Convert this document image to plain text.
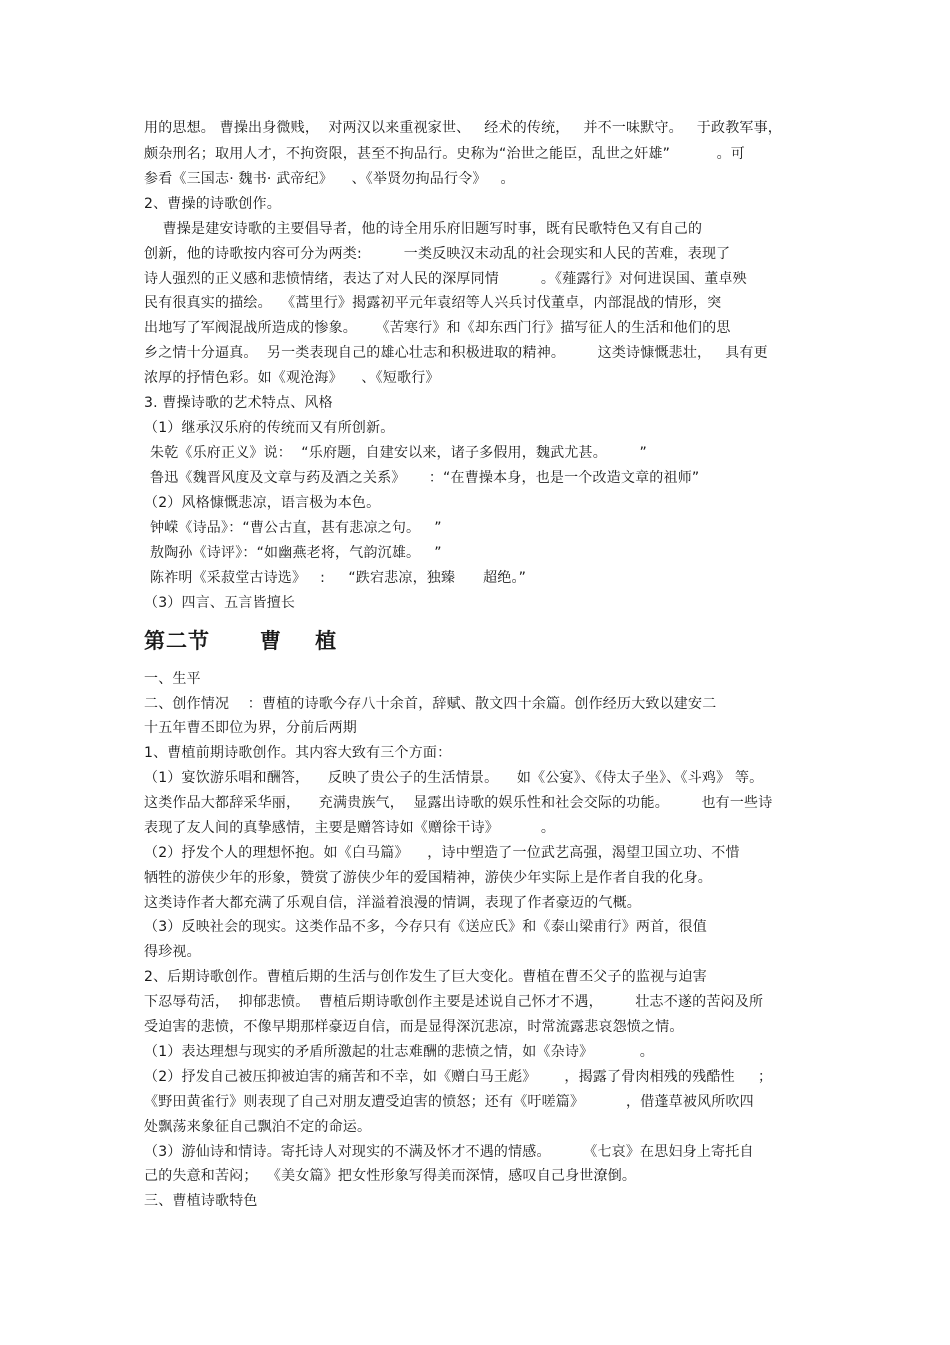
用的思想。 曹操出身微贱，  对两汉以来重视家世、   经术的传统，   并不一味默守。   于政教军事，
颇杂刑名；取用人才，不拘资限，甚至不拘品行。史称为“治世之能臣，乱世之奸雄”          。可
参看《三国志· 魏书· 武帝纪》    、《举贤勿拘品行令》   。
2、曹操的诗歌创作。
曹操是建安诗歌的主要倡导者，他的诗全用乐府旧题写时事，既有民歌特色又有自己的
创新，他的诗歌按内容可分为两类:         一类反映汉末动乱的社会现实和人民的苦难，表现了
诗人强烈的正义感和悲愤情绪，表达了对人民的深厚同情         。《薤露行》对何进误国、董卓殃
民有很真实的描绘。  《蒿里行》揭露初平元年袁绍等人兴兵讨伐董卓，内部混战的情形，突
出地写了军阀混战所造成的惨象。    《苦寒行》和《却东西门行》描写征人的生活和他们的思
乡之情十分逼真。  另一类表现自己的雄心壮志和积极进取的精神。       这类诗慷慨悲壮，   具有更
浓厚的抒情色彩。如《观沧海》    、《短歌行》
3. 曹操诗歌的艺术特点、风格
（1）继承汉乐府的传统而又有所创新。
朱乾《乐府正义》说：  “乐府题，自建安以来，诸子多假用，魏武尤甚。       ”
鲁迅《魏晋风度及文章与药及酒之关系》     ：“在曹操本身，也是一个改造文章的祖师”
（2）风格慷慨悲凉，语言极为本色。
钟嵘《诗品》：“曹公古直，甚有悲凉之句。   ”
敖陶孙《诗评》：“如幽燕老将，气韵沉雄。   ”
陈祚明《采菽堂古诗选》   :     “跌宕悲凉，独臻      超绝。”
（3）四言、五言皆擅长
第二节      曹    植
一、生平
二、创作情况    ：曹植的诗歌今存八十余首，辞赋、散文四十余篇。创作经历大致以建安二
十五年曹丕即位为界，分前后两期
1、曹植前期诗歌创作。其内容大致有三个方面：
（1）宴饮游乐唱和酬答，    反映了贵公子的生活情景。    如《公宴》、《侍太子坐》、《斗鸡》 等。
这类作品大都辞采华丽，    充满贵族气，  显露出诗歌的娱乐性和社会交际的功能。       也有一些诗
表现了友人间的真挚感情，主要是赠答诗如《赠徐干诗》         。
（2）抒发个人的理想怀抱。如《白马篇》    ，诗中塑造了一位武艺高强，渴望卫国立功、不惜
牺牲的游侠少年的形象，赞赏了游侠少年的爱国精神，游侠少年实际上是作者自我的化身。
这类诗作者大都充满了乐观自信，洋溢着浪漫的情调，表现了作者豪迈的气概。
（3）反映社会的现实。这类作品不多，今存只有《送应氏》和《泰山梁甫行》两首，很值
得珍视。
2、后期诗歌创作。曹植后期的生活与创作发生了巨大变化。曹植在曹丕父子的监视与迫害
下忍辱苟活，  抑郁悲愤。  曹植后期诗歌创作主要是述说自己怀才不遇，       壮志不遂的苦闷及所
受迫害的悲愤，不像早期那样豪迈自信，而是显得深沉悲凉，时常流露悲哀怨愤之情。
（1）表达理想与现实的矛盾所激起的壮志难酬的悲愤之情，如《杂诗》          。
（2）抒发自己被压抑被迫害的痛苦和不幸，如《赠白马王彪》      ，揭露了骨肉相残的残酷性     ；
《野田黄雀行》则表现了自己对朋友遭受迫害的愤怒；还有《吁嗟篇》         ，借蓬草被风所吹四
处飘荡来象征自己飘泊不定的命运。
（3）游仙诗和情诗。寄托诗人对现实的不满及怀才不遇的情感。       《七哀》在思妇身上寄托自
己的失意和苦闷；  《美女篇》把女性形象写得美而深情，感叹自己身世潦倒。
三、曹植诗歌特色
